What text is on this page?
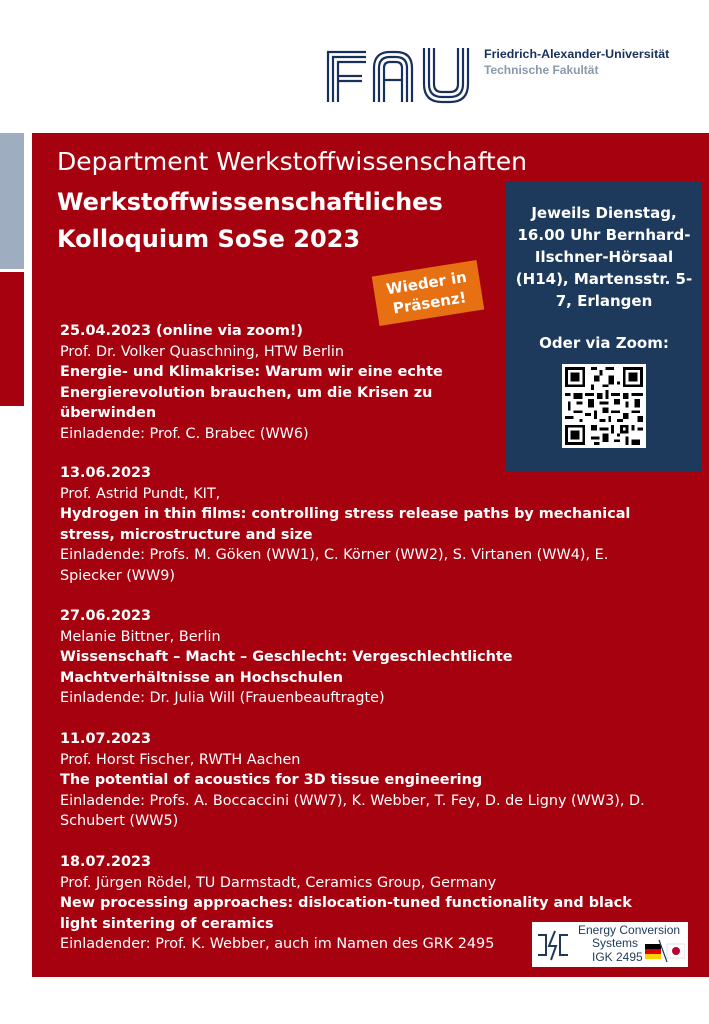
Friedrich-Alexander-Universität
Technische Fakultät
Department Werkstoffwissenschaften
Werkstoffwissenschaftliches
Kolloquium SoSe 2023
Wieder in Präsenz!
Jeweils Dienstag, 16.00 Uhr Bernhard-Ilschner-Hörsaal (H14), Martensstr. 5-7, Erlangen
Oder via Zoom:
25.04.2023 (online via zoom!)
Prof. Dr. Volker Quaschning, HTW Berlin
Energie- und Klimakrise: Warum wir eine echte Energierevolution brauchen, um die Krisen zu überwinden
Einladende: Prof. C. Brabec (WW6)
13.06.2023
Prof. Astrid Pundt, KIT,
Hydrogen in thin films: controlling stress release paths by mechanical stress, microstructure and size
Einladende: Profs. M. Göken (WW1), C. Körner (WW2), S. Virtanen (WW4), E. Spiecker (WW9)
27.06.2023
Melanie Bittner, Berlin
Wissenschaft – Macht – Geschlecht: Vergeschlechtlichte Machtverhältnisse an Hochschulen
Einladende: Dr. Julia Will (Frauenbeauftragte)
11.07.2023
Prof. Horst Fischer, RWTH Aachen
The potential of acoustics for 3D tissue engineering
Einladende: Profs. A. Boccaccini (WW7), K. Webber, T. Fey, D. de Ligny (WW3), D. Schubert (WW5)
18.07.2023
Prof. Jürgen Rödel, TU Darmstadt, Ceramics Group, Germany
New processing approaches: dislocation-tuned functionality and black light sintering of ceramics
Einladender: Prof. K. Webber, auch im Namen des GRK 2495
Energy Conversion
Systems
IGK 2495
